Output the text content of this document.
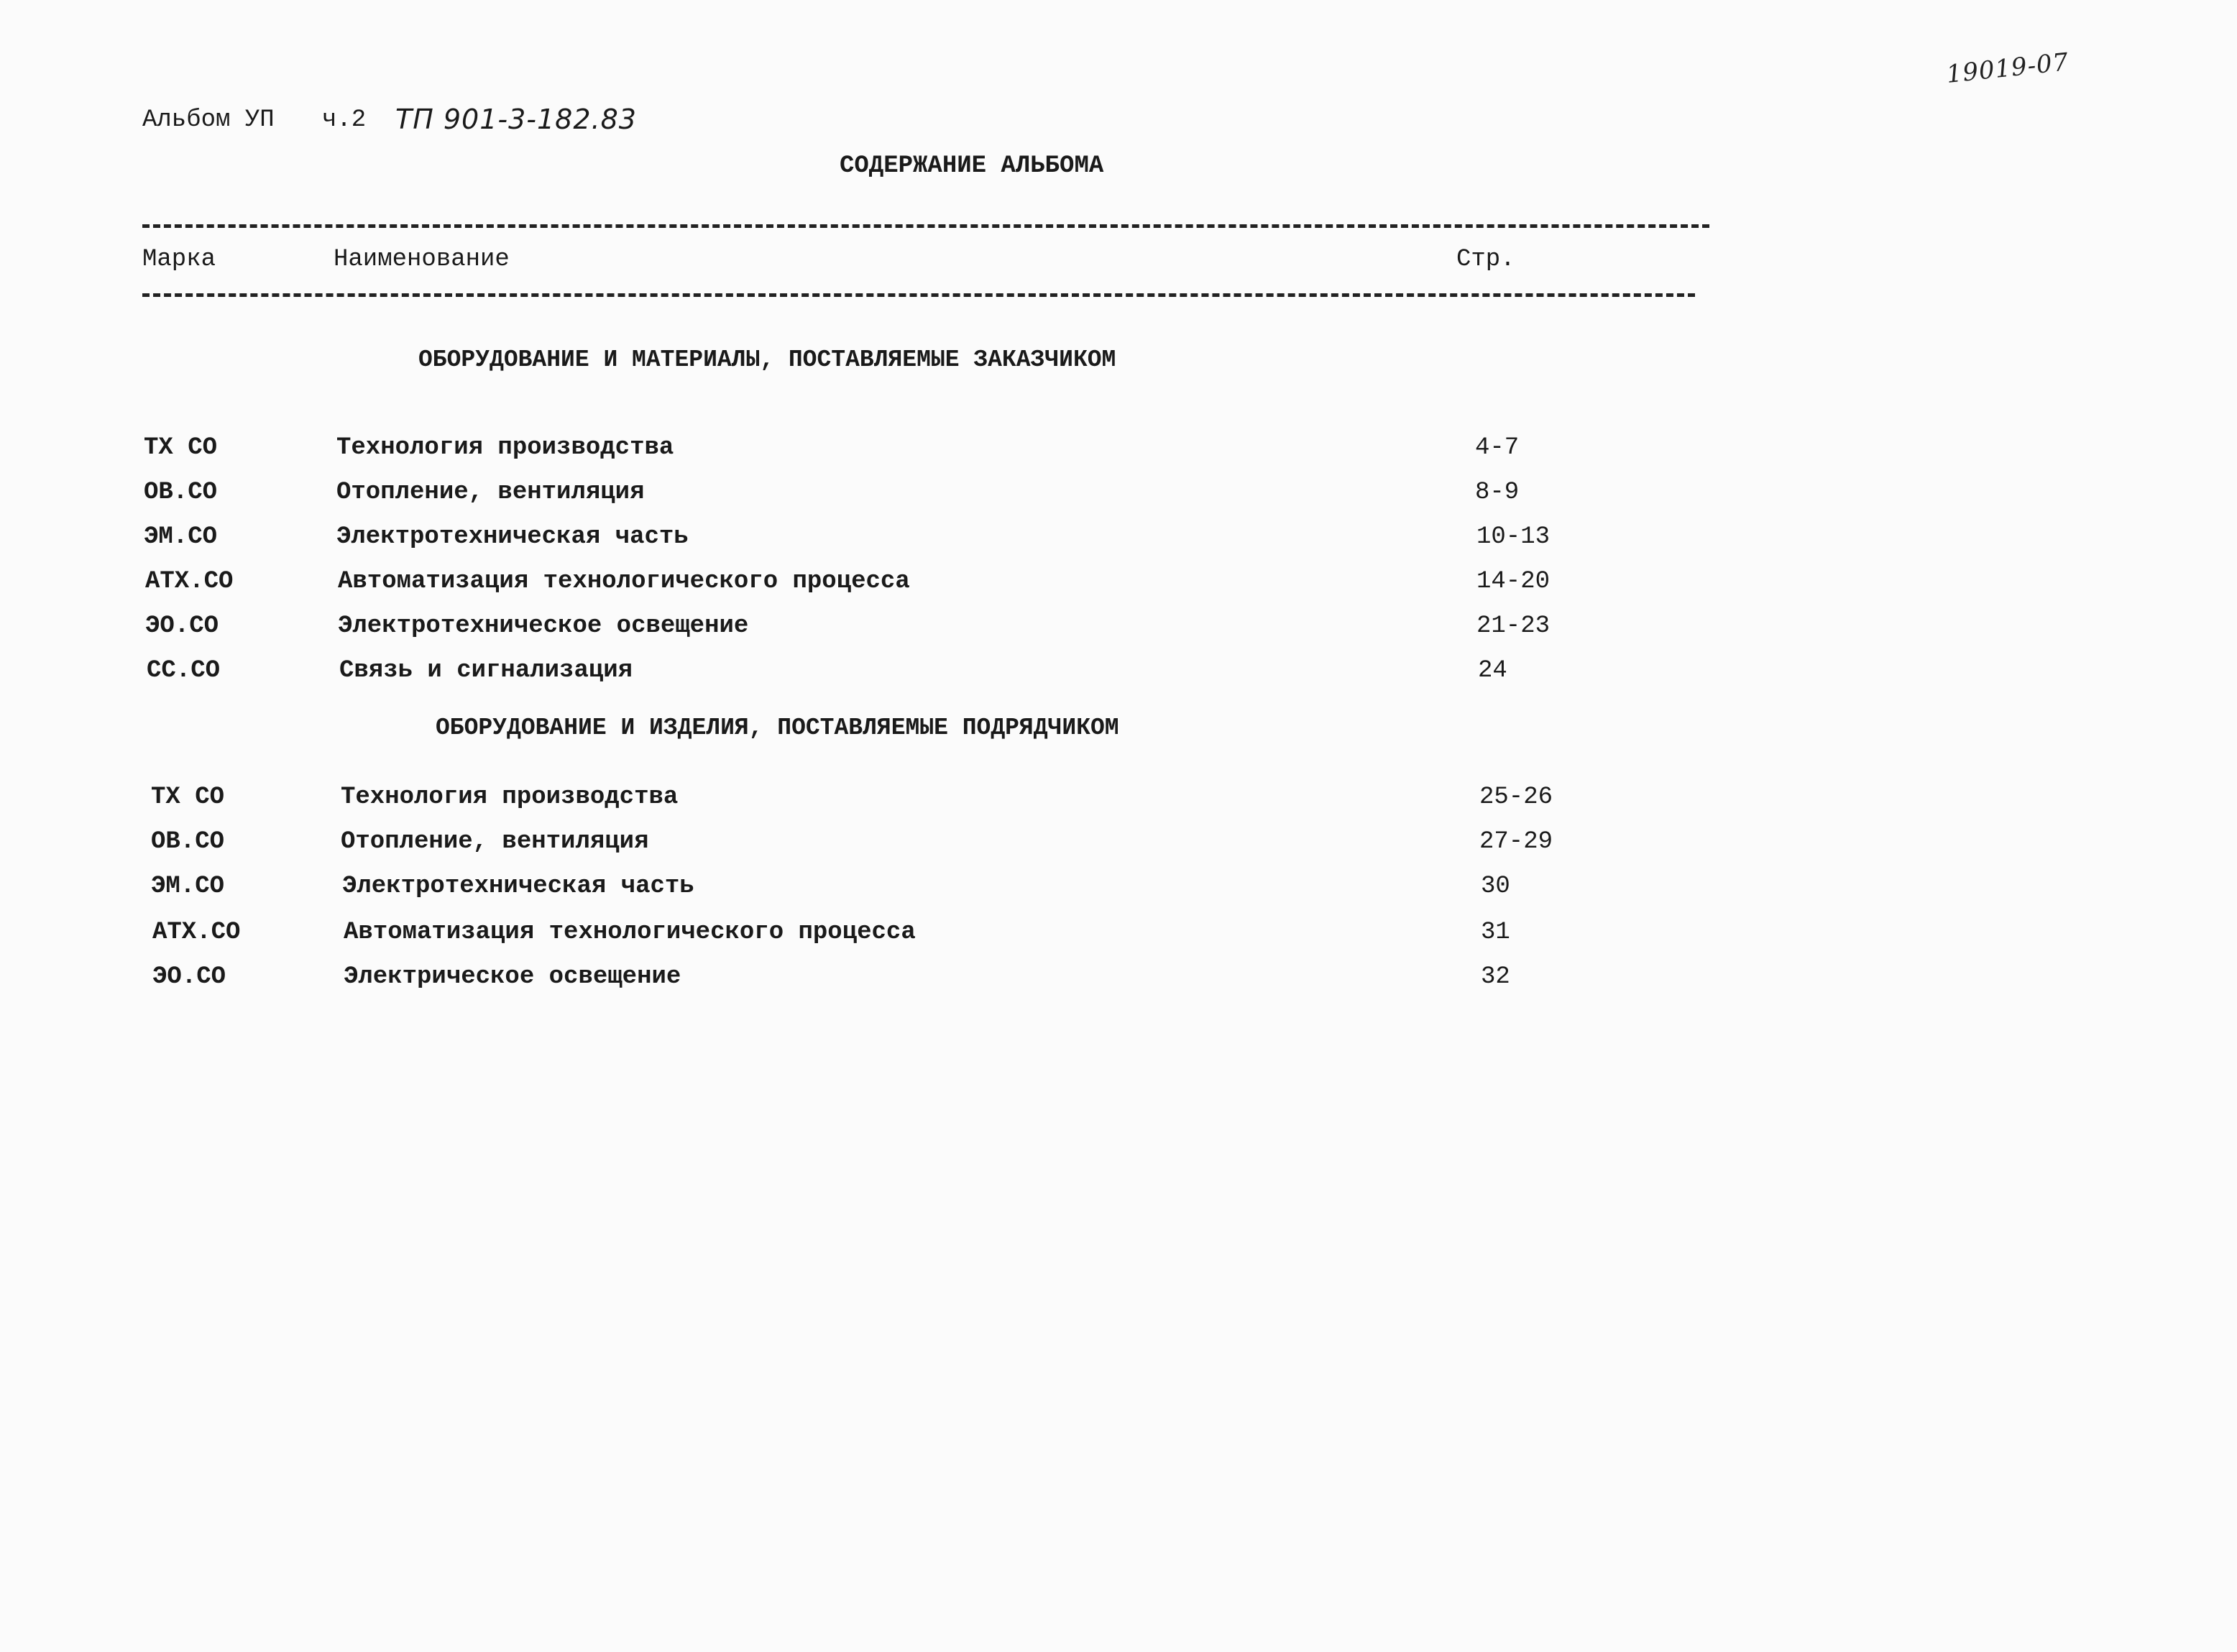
19019-07
Альбом УП ч.2 ТП 901-3-182.83
СОДЕРЖАНИЕ АЛЬБОМА
Марка	Наименование	Стр.
ОБОРУДОВАНИЕ И МАТЕРИАЛЫ, ПОСТАВЛЯЕМЫЕ ЗАКАЗЧИКОМ
ТХ СО	Технология производства	4-7
ОВ.СО	Отопление, вентиляция	8-9
ЭМ.СО	Электротехническая часть	10-13
АТХ.СО	Автоматизация технологического процесса	14-20
ЭО.СО	Электротехническое освещение	21-23
СС.СО	Связь и сигнализация	24
ОБОРУДОВАНИЕ И ИЗДЕЛИЯ, ПОСТАВЛЯЕМЫЕ ПОДРЯДЧИКОМ
ТХ СО	Технология производства	25-26
ОВ.СО	Отопление, вентиляция	27-29
ЭМ.СО	Электротехническая часть	30
АТХ.СО	Автоматизация технологического процесса	31
ЭО.СО	Электрическое освещение	32
